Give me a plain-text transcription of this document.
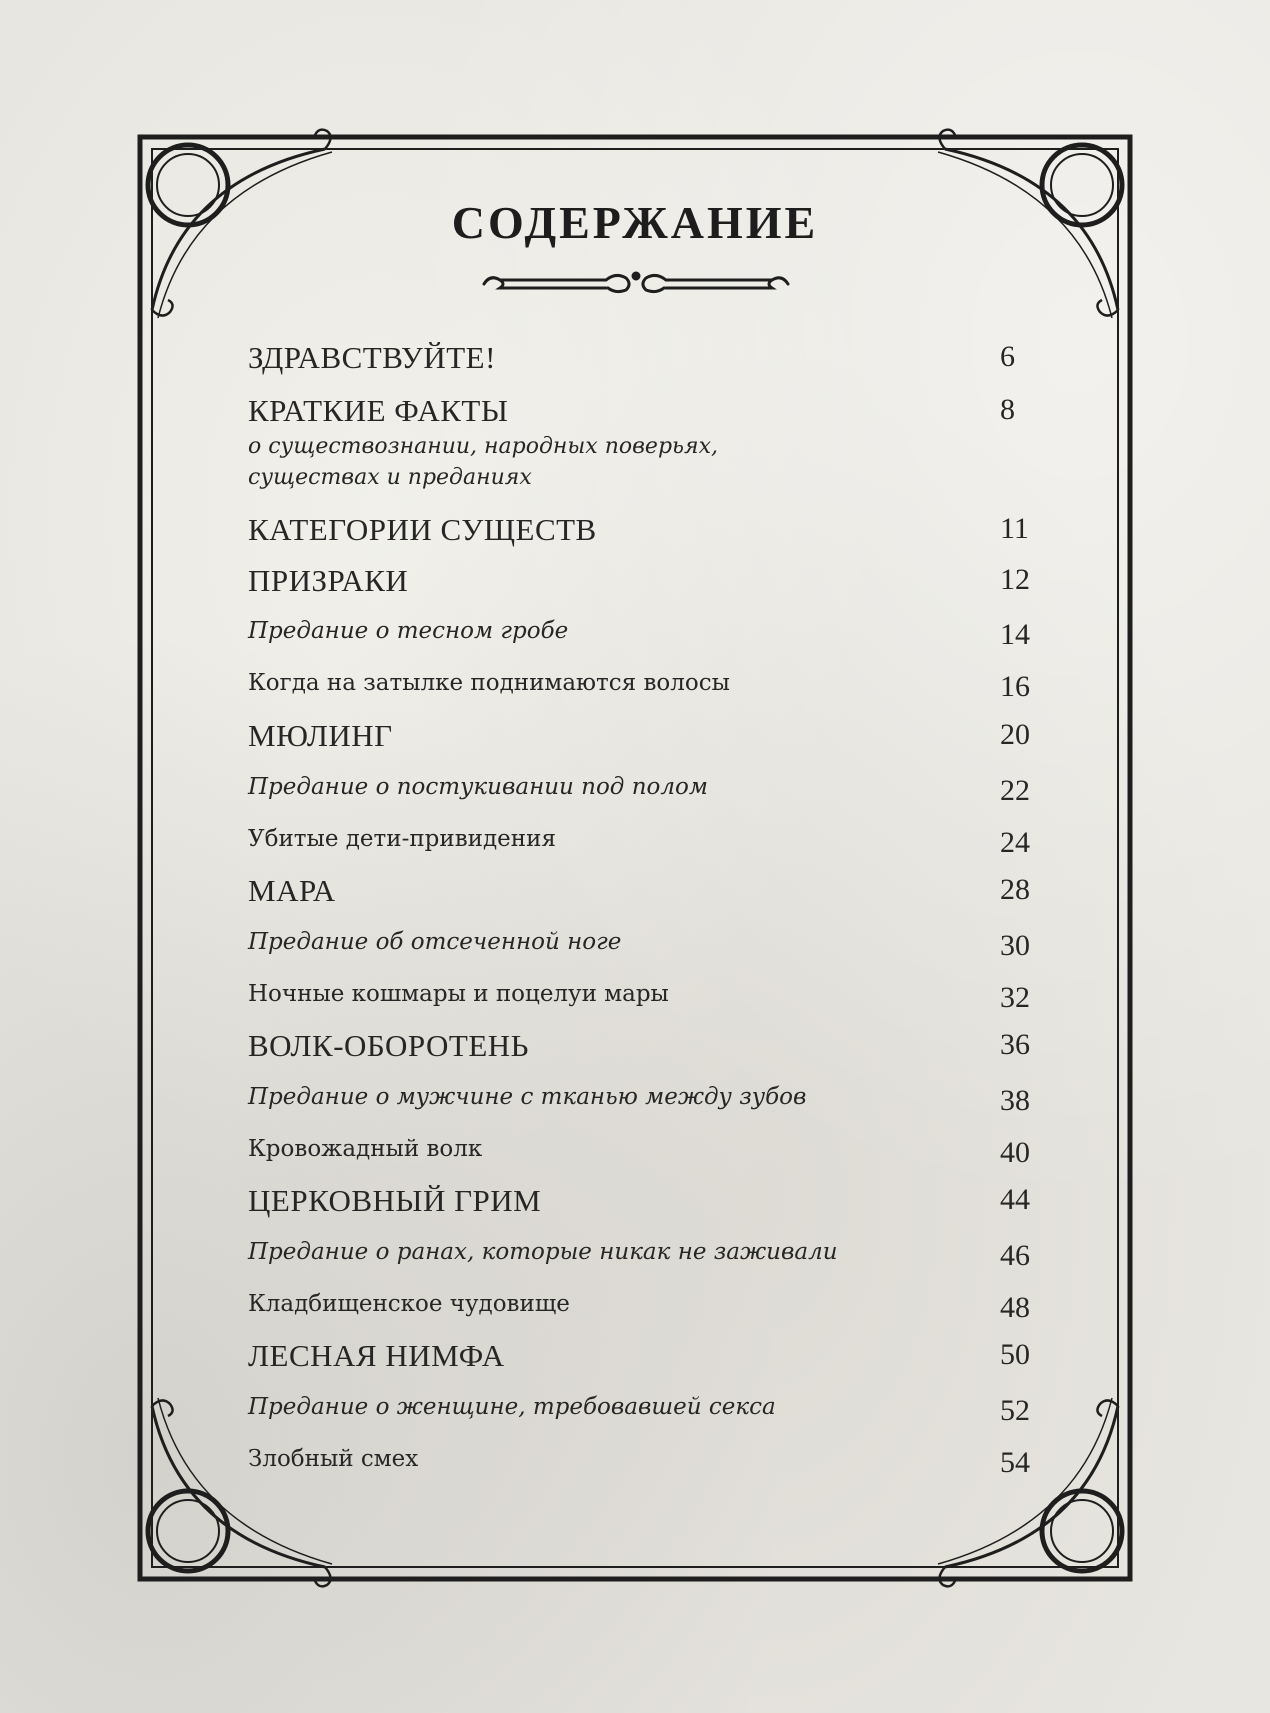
СОДЕРЖАНИЕ
ЗДРАВСТВУЙТЕ!	6
КРАТКИЕ ФАКТЫ	8
о существознании, народных поверьях, существах и преданиях
КАТЕГОРИИ СУЩЕСТВ	11
ПРИЗРАКИ	12
Предание о тесном гробе	14
Когда на затылке поднимаются волосы	16
МЮЛИНГ	20
Предание о постукивании под полом	22
Убитые дети-привидения	24
МАРА	28
Предание об отсеченной ноге	30
Ночные кошмары и поцелуи мары	32
ВОЛК-ОБОРОТЕНЬ	36
Предание о мужчине с тканью между зубов	38
Кровожадный волк	40
ЦЕРКОВНЫЙ ГРИМ	44
Предание о ранах, которые никак не заживали	46
Кладбищенское чудовище	48
ЛЕСНАЯ НИМФА	50
Предание о женщине, требовавшей секса	52
Злобный смех	54
